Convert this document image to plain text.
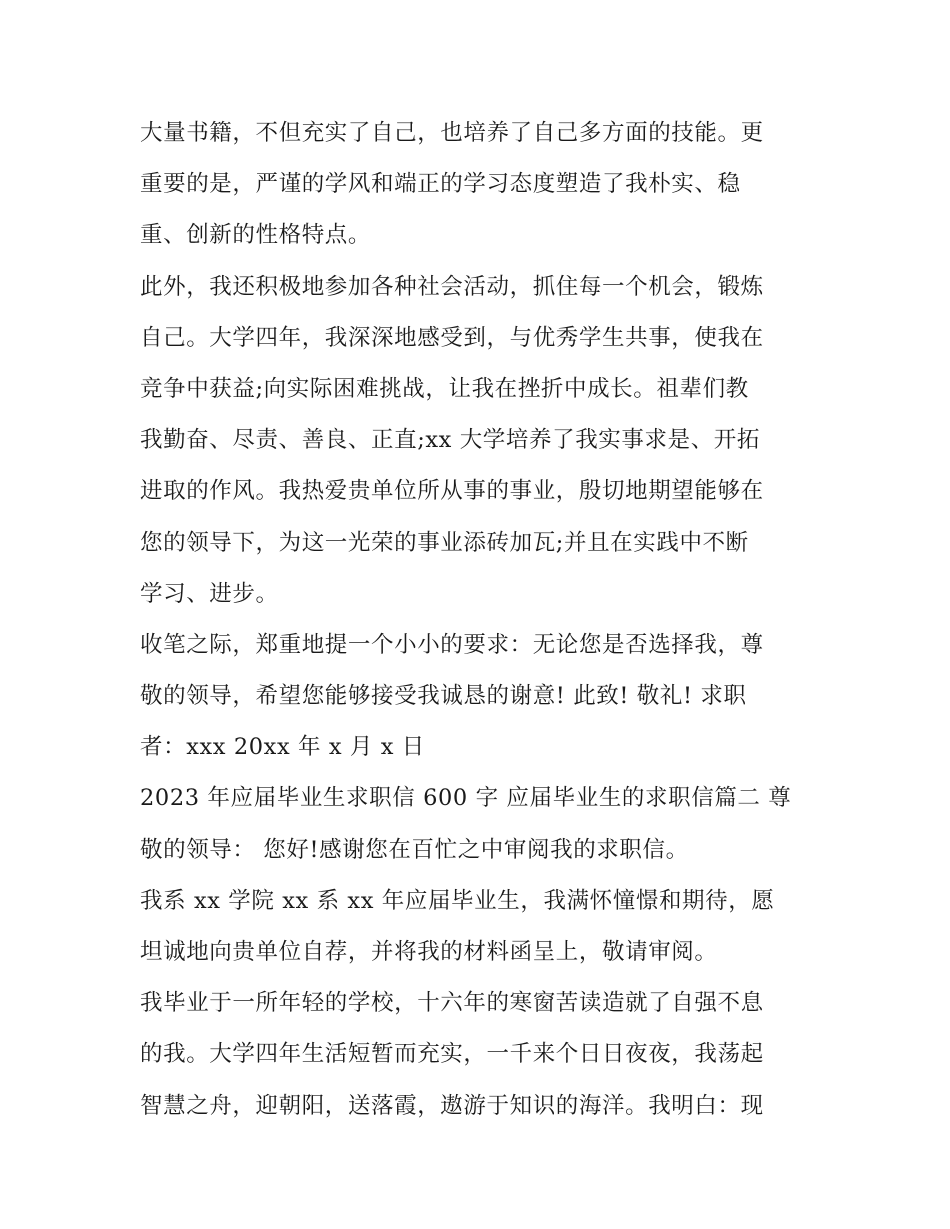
大量书籍，不但充实了自己，也培养了自己多方面的技能。更
重要的是，严谨的学风和端正的学习态度塑造了我朴实、稳
重、创新的性格特点。
此外，我还积极地参加各种社会活动，抓住每一个机会，锻炼
自己。大学四年，我深深地感受到，与优秀学生共事，使我在
竞争中获益;向实际困难挑战，让我在挫折中成长。祖辈们教
我勤奋、尽责、善良、正直;xx 大学培养了我实事求是、开拓
进取的作风。我热爱贵单位所从事的事业，殷切地期望能够在
您的领导下，为这一光荣的事业添砖加瓦;并且在实践中不断
学习、进步。
收笔之际，郑重地提一个小小的要求：无论您是否选择我，尊
敬的领导，希望您能够接受我诚恳的谢意! 此致! 敬礼! 求职
者：xxx 20xx 年 x 月 x 日
2023 年应届毕业生求职信 600 字 应届毕业生的求职信篇二 尊
敬的领导： 您好!感谢您在百忙之中审阅我的求职信。
我系 xx 学院 xx 系 xx 年应届毕业生，我满怀憧憬和期待，愿
坦诚地向贵单位自荐，并将我的材料函呈上，敬请审阅。
我毕业于一所年轻的学校，十六年的寒窗苦读造就了自强不息
的我。大学四年生活短暂而充实，一千来个日日夜夜，我荡起
智慧之舟，迎朝阳，送落霞，遨游于知识的海洋。我明白：现
